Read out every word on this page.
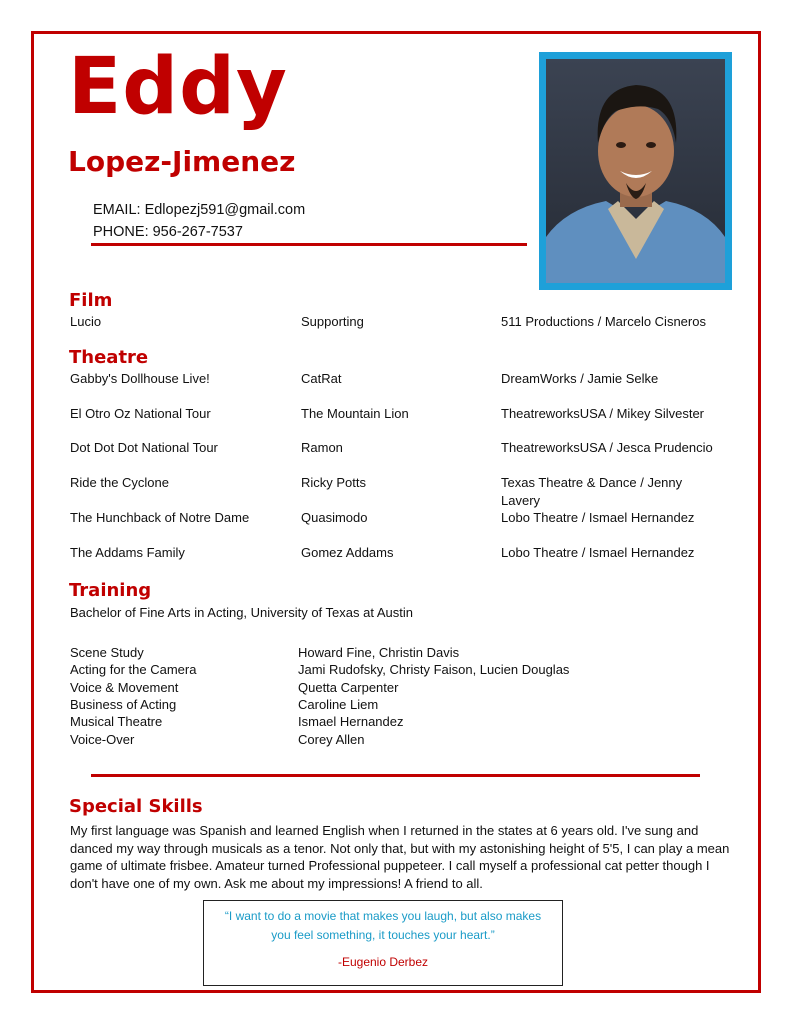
Eddy
Lopez-Jimenez
EMAIL: Edlopezj591@gmail.com
PHONE: 956-267-7537
Film
Lucio	Supporting	511 Productions / Marcelo Cisneros
Theatre
Gabby's Dollhouse Live!	CatRat	DreamWorks / Jamie Selke
El Otro Oz National Tour	The Mountain Lion	TheatreworksUSA / Mikey Silvester
Dot Dot Dot National Tour	Ramon	TheatreworksUSA / Jesca Prudencio
Ride the Cyclone	Ricky Potts	Texas Theatre & Dance / Jenny Lavery
The Hunchback of Notre Dame	Quasimodo	Lobo Theatre / Ismael Hernandez
The Addams Family	Gomez Addams	Lobo Theatre / Ismael Hernandez
Training
Bachelor of Fine Arts in Acting, University of Texas at Austin
Scene Study	Howard Fine, Christin Davis
Acting for the Camera	Jami Rudofsky, Christy Faison, Lucien Douglas
Voice & Movement	Quetta Carpenter
Business of Acting	Caroline Liem
Musical Theatre	Ismael Hernandez
Voice-Over	Corey Allen
Special Skills
My first language was Spanish and learned English when I returned in the states at 6 years old. I've sung and danced my way through musicals as a tenor. Not only that, but with my astonishing height of 5'5, I can play a mean game of ultimate frisbee. Amateur turned Professional puppeteer. I call myself a professional cat petter though I don't have one of my own. Ask me about my impressions! A friend to all.
“I want to do a movie that makes you laugh, but also makes you feel something, it touches your heart.”
-Eugenio Derbez
